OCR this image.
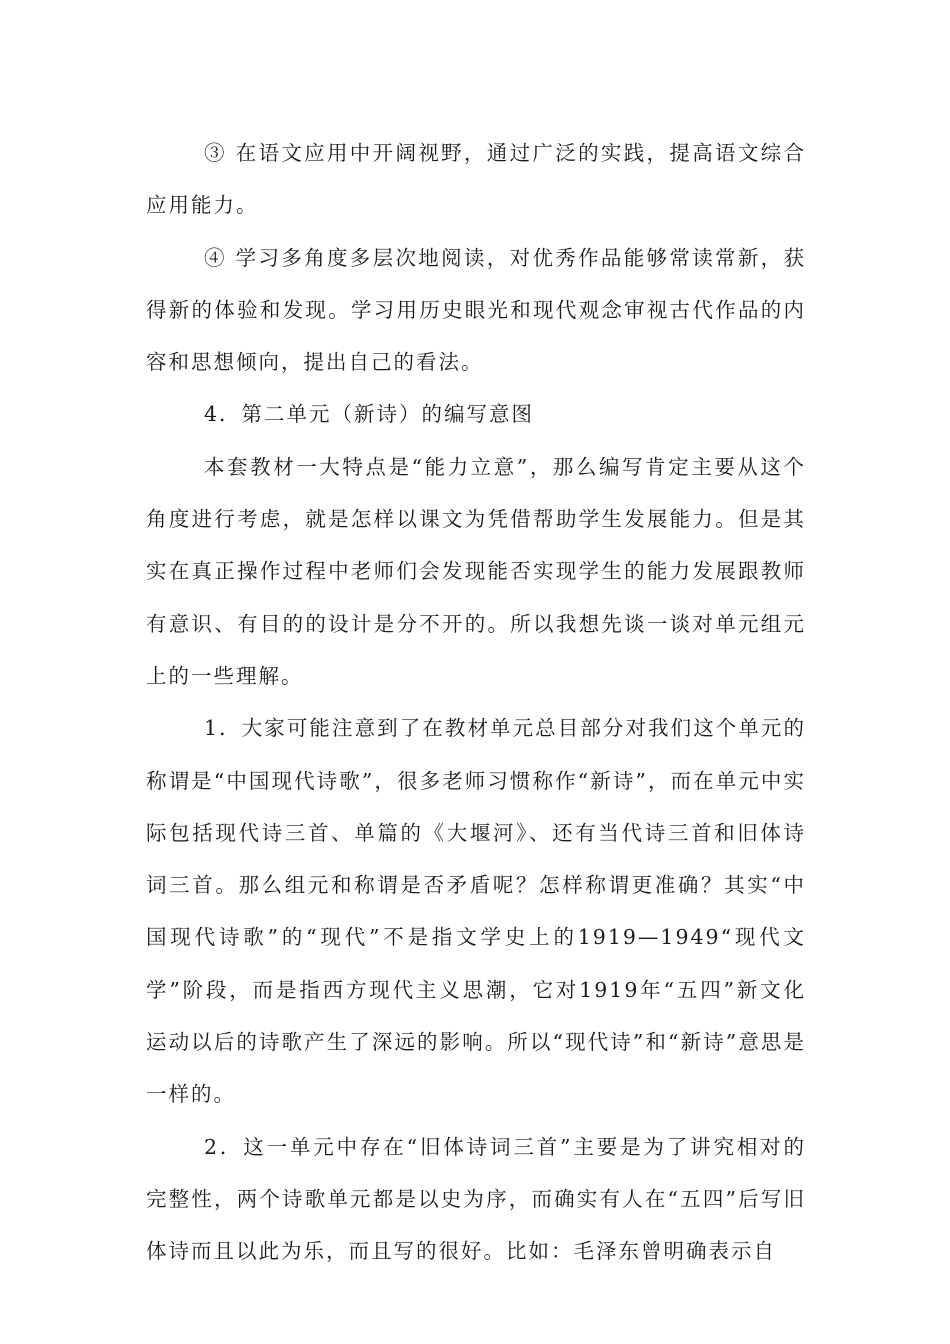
③ 在语文应用中开阔视野，通过广泛的实践，提高语文综合应用能力。

④ 学习多角度多层次地阅读，对优秀作品能够常读常新，获得新的体验和发现。学习用历史眼光和现代观念审视古代作品的内容和思想倾向，提出自己的看法。

4．第二单元（新诗）的编写意图

本套教材一大特点是“能力立意”，那么编写肯定主要从这个角度进行考虑，就是怎样以课文为凭借帮助学生发展能力。但是其实在真正操作过程中老师们会发现能否实现学生的能力发展跟教师有意识、有目的的设计是分不开的。所以我想先谈一谈对单元组元上的一些理解。

1．大家可能注意到了在教材单元总目部分对我们这个单元的称谓是“中国现代诗歌”，很多老师习惯称作“新诗”，而在单元中实际包括现代诗三首、单篇的《大堰河》、还有当代诗三首和旧体诗词三首。那么组元和称谓是否矛盾呢？怎样称谓更准确？其实“中国现代诗歌”的“现代”不是指文学史上的1919—1949“现代文学”阶段，而是指西方现代主义思潮，它对1919年“五四”新文化运动以后的诗歌产生了深远的影响。所以“现代诗”和“新诗”意思是一样的。

2．这一单元中存在“旧体诗词三首”主要是为了讲究相对的完整性，两个诗歌单元都是以史为序，而确实有人在“五四”后写旧体诗而且以此为乐，而且写的很好。比如：毛泽东曾明确表示自
